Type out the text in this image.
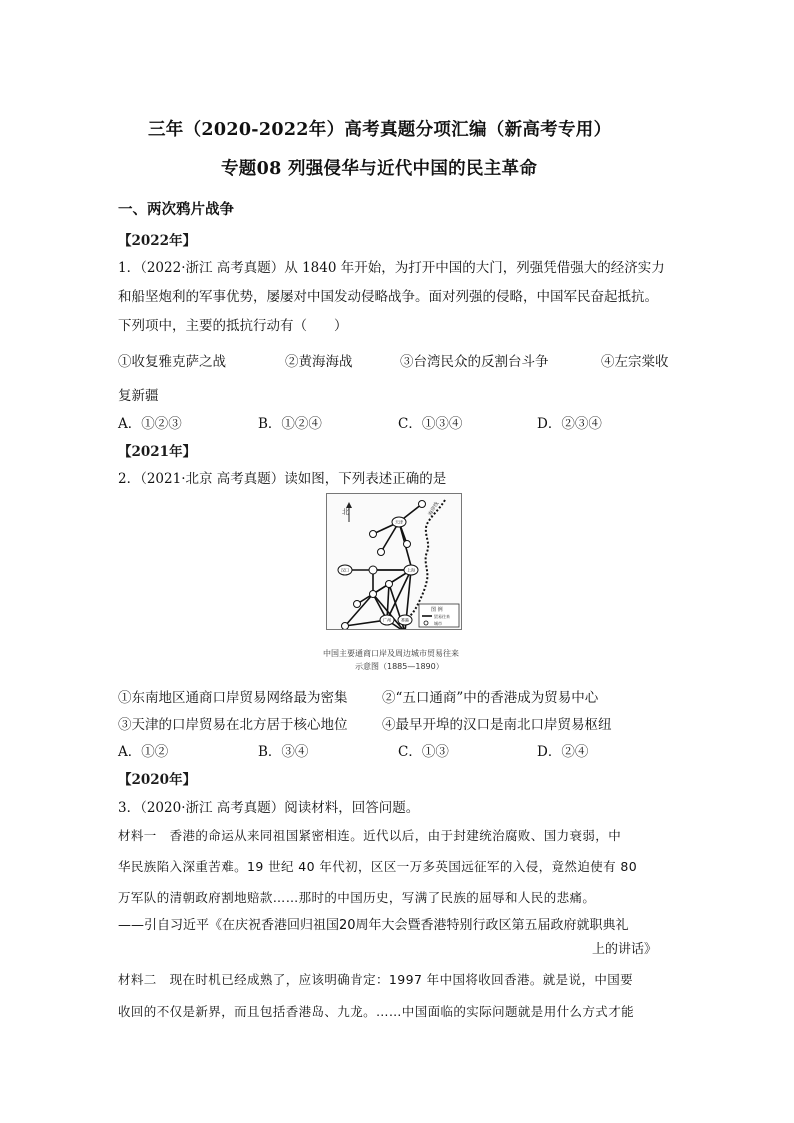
三年（2020-2022年）高考真题分项汇编（新高考专用）
专题08 列强侵华与近代中国的民主革命
一、两次鸦片战争
【2022年】
1．（2022·浙江 高考真题）从 1840 年开始，为打开中国的大门，列强凭借强大的经济实力
和船坚炮利的军事优势，屡屡对中国发动侵略战争。面对列强的侵略，中国军民奋起抵抗。
下列项中，主要的抵抗行动有（　　）
①收复雅克萨之战	②黄海海战	③台湾民众的反割台斗争	④左宗棠收
复新疆
A．①②③	B．①②④	C．①③④	D．②③④
【2021年】
2．（2021·北京 高考真题）读如图，下列表述正确的是
北	海岸线
天津
汉口	上海
广州	香港
图 例
贸易往来
城市
中国主要通商口岸及周边城市贸易往来
示意图（1885—1890）
①东南地区通商口岸贸易网络最为密集	②“五口通商”中的香港成为贸易中心
③天津的口岸贸易在北方居于核心地位	④最早开埠的汉口是南北口岸贸易枢纽
A．①②	B．③④	C．①③	D．②④
【2020年】
3．（2020·浙江 高考真题）阅读材料，回答问题。
材料一　香港的命运从来同祖国紧密相连。近代以后，由于封建统治腐败、国力衰弱，中
华民族陷入深重苦难。19 世纪 40 年代初，区区一万多英国远征军的入侵，竟然迫使有 80
万军队的清朝政府割地赔款……那时的中国历史，写满了民族的屈辱和人民的悲痛。
——引自习近平《在庆祝香港回归祖国20周年大会暨香港特别行政区第五届政府就职典礼
上的讲话》
材料二　现在时机已经成熟了，应该明确肯定：1997 年中国将收回香港。就是说，中国要
收回的不仅是新界，而且包括香港岛、九龙。……中国面临的实际问题就是用什么方式才能
